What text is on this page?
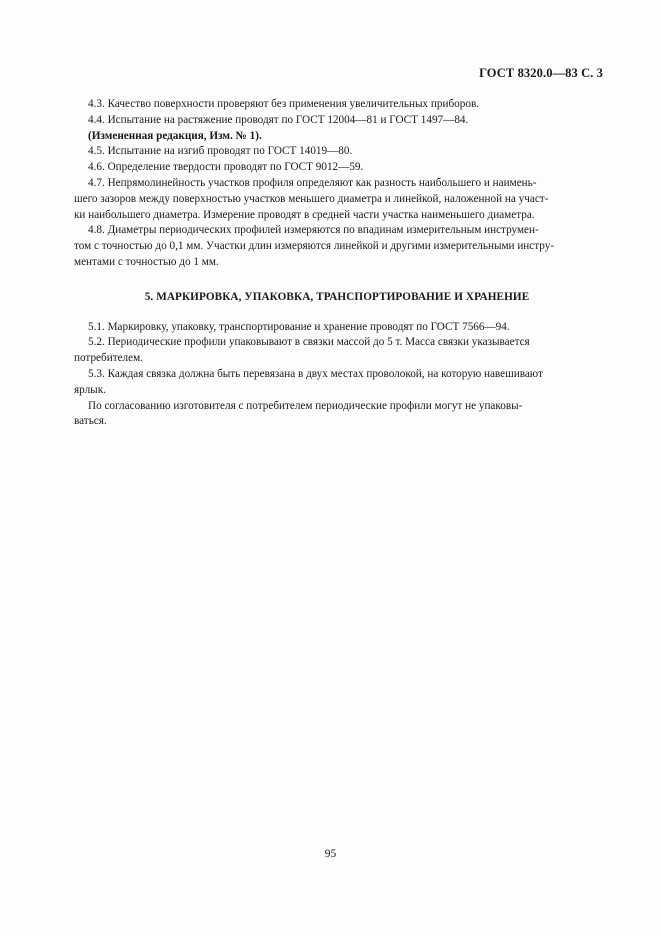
ГОСТ 8320.0—83 С. 3
4.3. Качество поверхности проверяют без применения увеличительных приборов.
4.4. Испытание на растяжение проводят по ГОСТ 12004—81 и ГОСТ 1497—84.
(Измененная редакция, Изм. № 1).
4.5. Испытание на изгиб проводят по ГОСТ 14019—80.
4.6. Определение твердости проводят по ГОСТ 9012—59.
4.7. Непрямолинейность участков профиля определяют как разность наибольшего и наимень-
шего зазоров между поверхностью участков меньшего диаметра и линейкой, наложенной на участ-
ки наибольшего диаметра. Измерение проводят в средней части участка наименьшего диаметра.
4.8. Диаметры периодических профилей измеряются по впадинам измерительным инструмен-
том с точностью до 0,1 мм. Участки длин измеряются линейкой и другими измерительными инстру-
ментами с точностью до 1 мм.
5. МАРКИРОВКА, УПАКОВКА, ТРАНСПОРТИРОВАНИЕ И ХРАНЕНИЕ
5.1. Маркировку, упаковку, транспортирование и хранение проводят по ГОСТ 7566—94.
5.2. Периодические профили упаковывают в связки массой до 5 т. Масса связки указывается
потребителем.
5.3. Каждая связка должна быть перевязана в двух местах проволокой, на которую навешивают
ярлык.
По согласованию изготовителя с потребителем периодические профили могут не упаковы-
ваться.
95
